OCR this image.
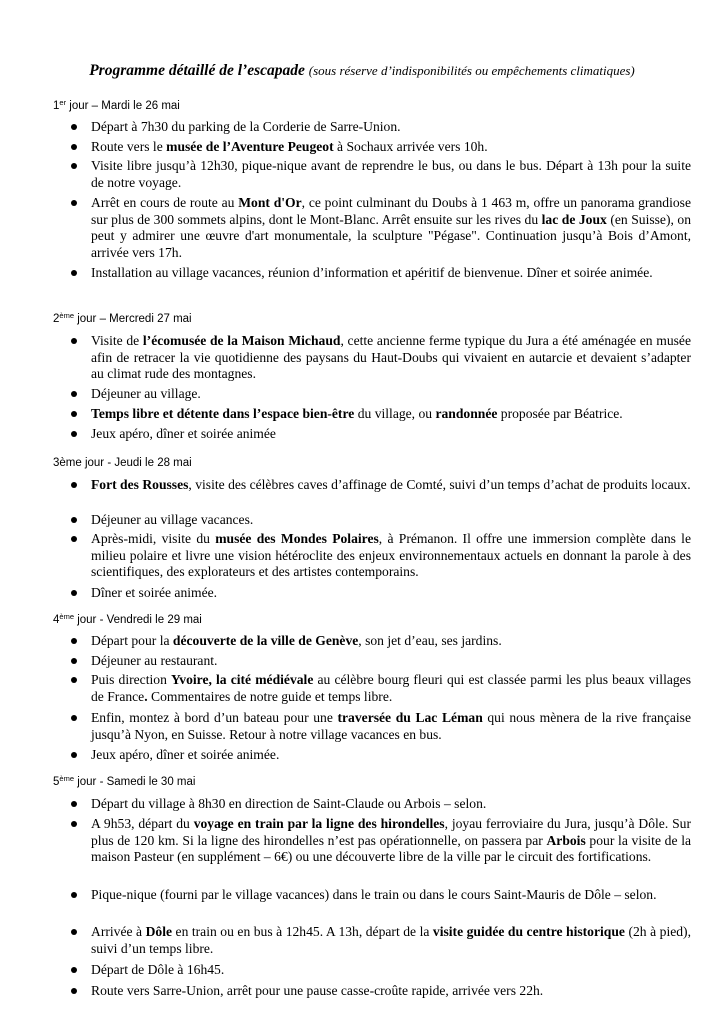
Programme détaillé de l’escapade (sous réserve d’indisponibilités ou empêchements climatiques)
1er jour – Mardi le 26 mai
Départ à 7h30 du parking de la Corderie de Sarre-Union.
Route vers le musée de l’Aventure Peugeot à Sochaux arrivée vers 10h.
Visite libre jusqu’à 12h30, pique-nique avant de reprendre le bus, ou dans le bus. Départ à 13h pour la suite de notre voyage.
Arrêt en cours de route au Mont d'Or, ce point culminant du Doubs à 1 463 m, offre un panorama grandiose sur plus de 300 sommets alpins, dont le Mont-Blanc. Arrêt ensuite sur les rives du lac de Joux (en Suisse), on peut y admirer une œuvre d'art monumentale, la sculpture "Pégase". Continuation jusqu’à Bois d’Amont, arrivée vers 17h.
Installation au village vacances, réunion d’information et apéritif de bienvenue. Dîner et soirée animée.
2ème jour – Mercredi 27 mai
Visite de l’écomusée de la Maison Michaud, cette ancienne ferme typique du Jura a été aménagée en musée afin de retracer la vie quotidienne des paysans du Haut-Doubs qui vivaient en autarcie et devaient s’adapter au climat rude des montagnes.
Déjeuner au village.
Temps libre et détente dans l’espace bien-être du village, ou randonnée proposée par Béatrice.
Jeux apéro, dîner et soirée animée
3ème jour - Jeudi le 28 mai
Fort des Rousses, visite des célèbres caves d’affinage de Comté, suivi d’un temps d’achat de produits locaux.
Déjeuner au village vacances.
Après-midi, visite du musée des Mondes Polaires, à Prémanon. Il offre une immersion complète dans le milieu polaire et livre une vision hétéroclite des enjeux environnementaux actuels en donnant la parole à des scientifiques, des explorateurs et des artistes contemporains.
Dîner et soirée animée.
4ème jour - Vendredi le 29 mai
Départ pour la découverte de la ville de Genève, son jet d’eau, ses jardins.
Déjeuner au restaurant.
Puis direction Yvoire, la cité médiévale au célèbre bourg fleuri qui est classée parmi les plus beaux villages de France. Commentaires de notre guide et temps libre.
Enfin, montez à bord d’un bateau pour une traversée du Lac Léman qui nous mènera de la rive française jusqu’à Nyon, en Suisse. Retour à notre village vacances en bus.
Jeux apéro, dîner et soirée animée.
5ème jour - Samedi le 30 mai
Départ du village à 8h30 en direction de Saint-Claude ou Arbois – selon.
A 9h53, départ du voyage en train par la ligne des hirondelles, joyau ferroviaire du Jura, jusqu’à Dôle. Sur plus de 120 km. Si la ligne des hirondelles n’est pas opérationnelle, on passera par Arbois pour la visite de la maison Pasteur (en supplément – 6€) ou une découverte libre de la ville par le circuit des fortifications.
Pique-nique (fourni par le village vacances) dans le train ou dans le cours Saint-Mauris de Dôle – selon.
Arrivée à Dôle en train ou en bus à 12h45. A 13h, départ de la visite guidée du centre historique (2h à pied), suivi d’un temps libre.
Départ de Dôle à 16h45.
Route vers Sarre-Union, arrêt pour une pause casse-croûte rapide, arrivée vers 22h.
